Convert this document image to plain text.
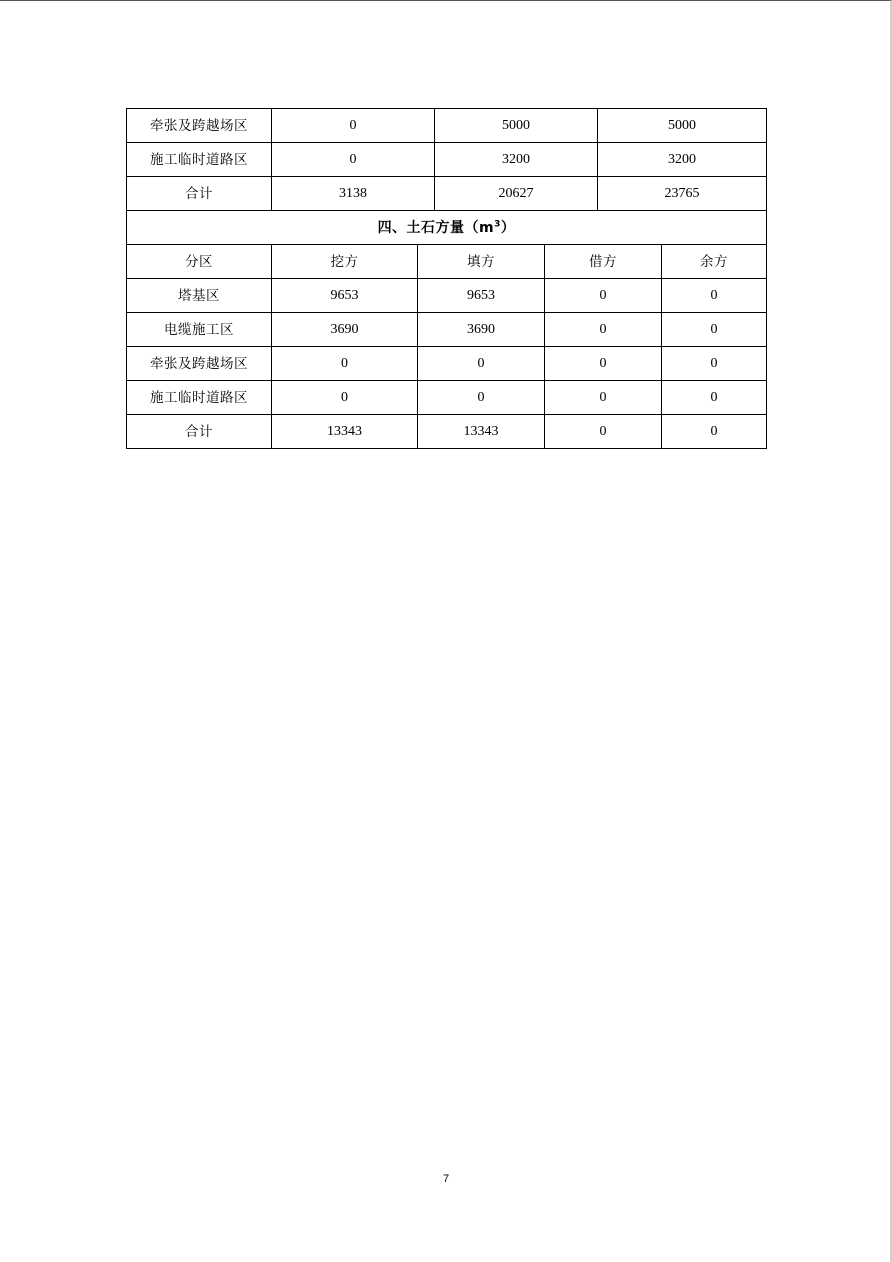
牵张及跨越场区	0		5000		5000	
施工临时道路区	0		3200		3200	
合计	3138		20627		23765	
四、土石方量$(m^3)$						
分区	挖方	填方		借方		余方
塔基区	9653	9653		0		0
电缆施工区	3690	3690		0		0
牵张及跨越场区	0	0		0		0
施工临时道路区	0	0		0		0
合计	13343	13343		0		0
7
